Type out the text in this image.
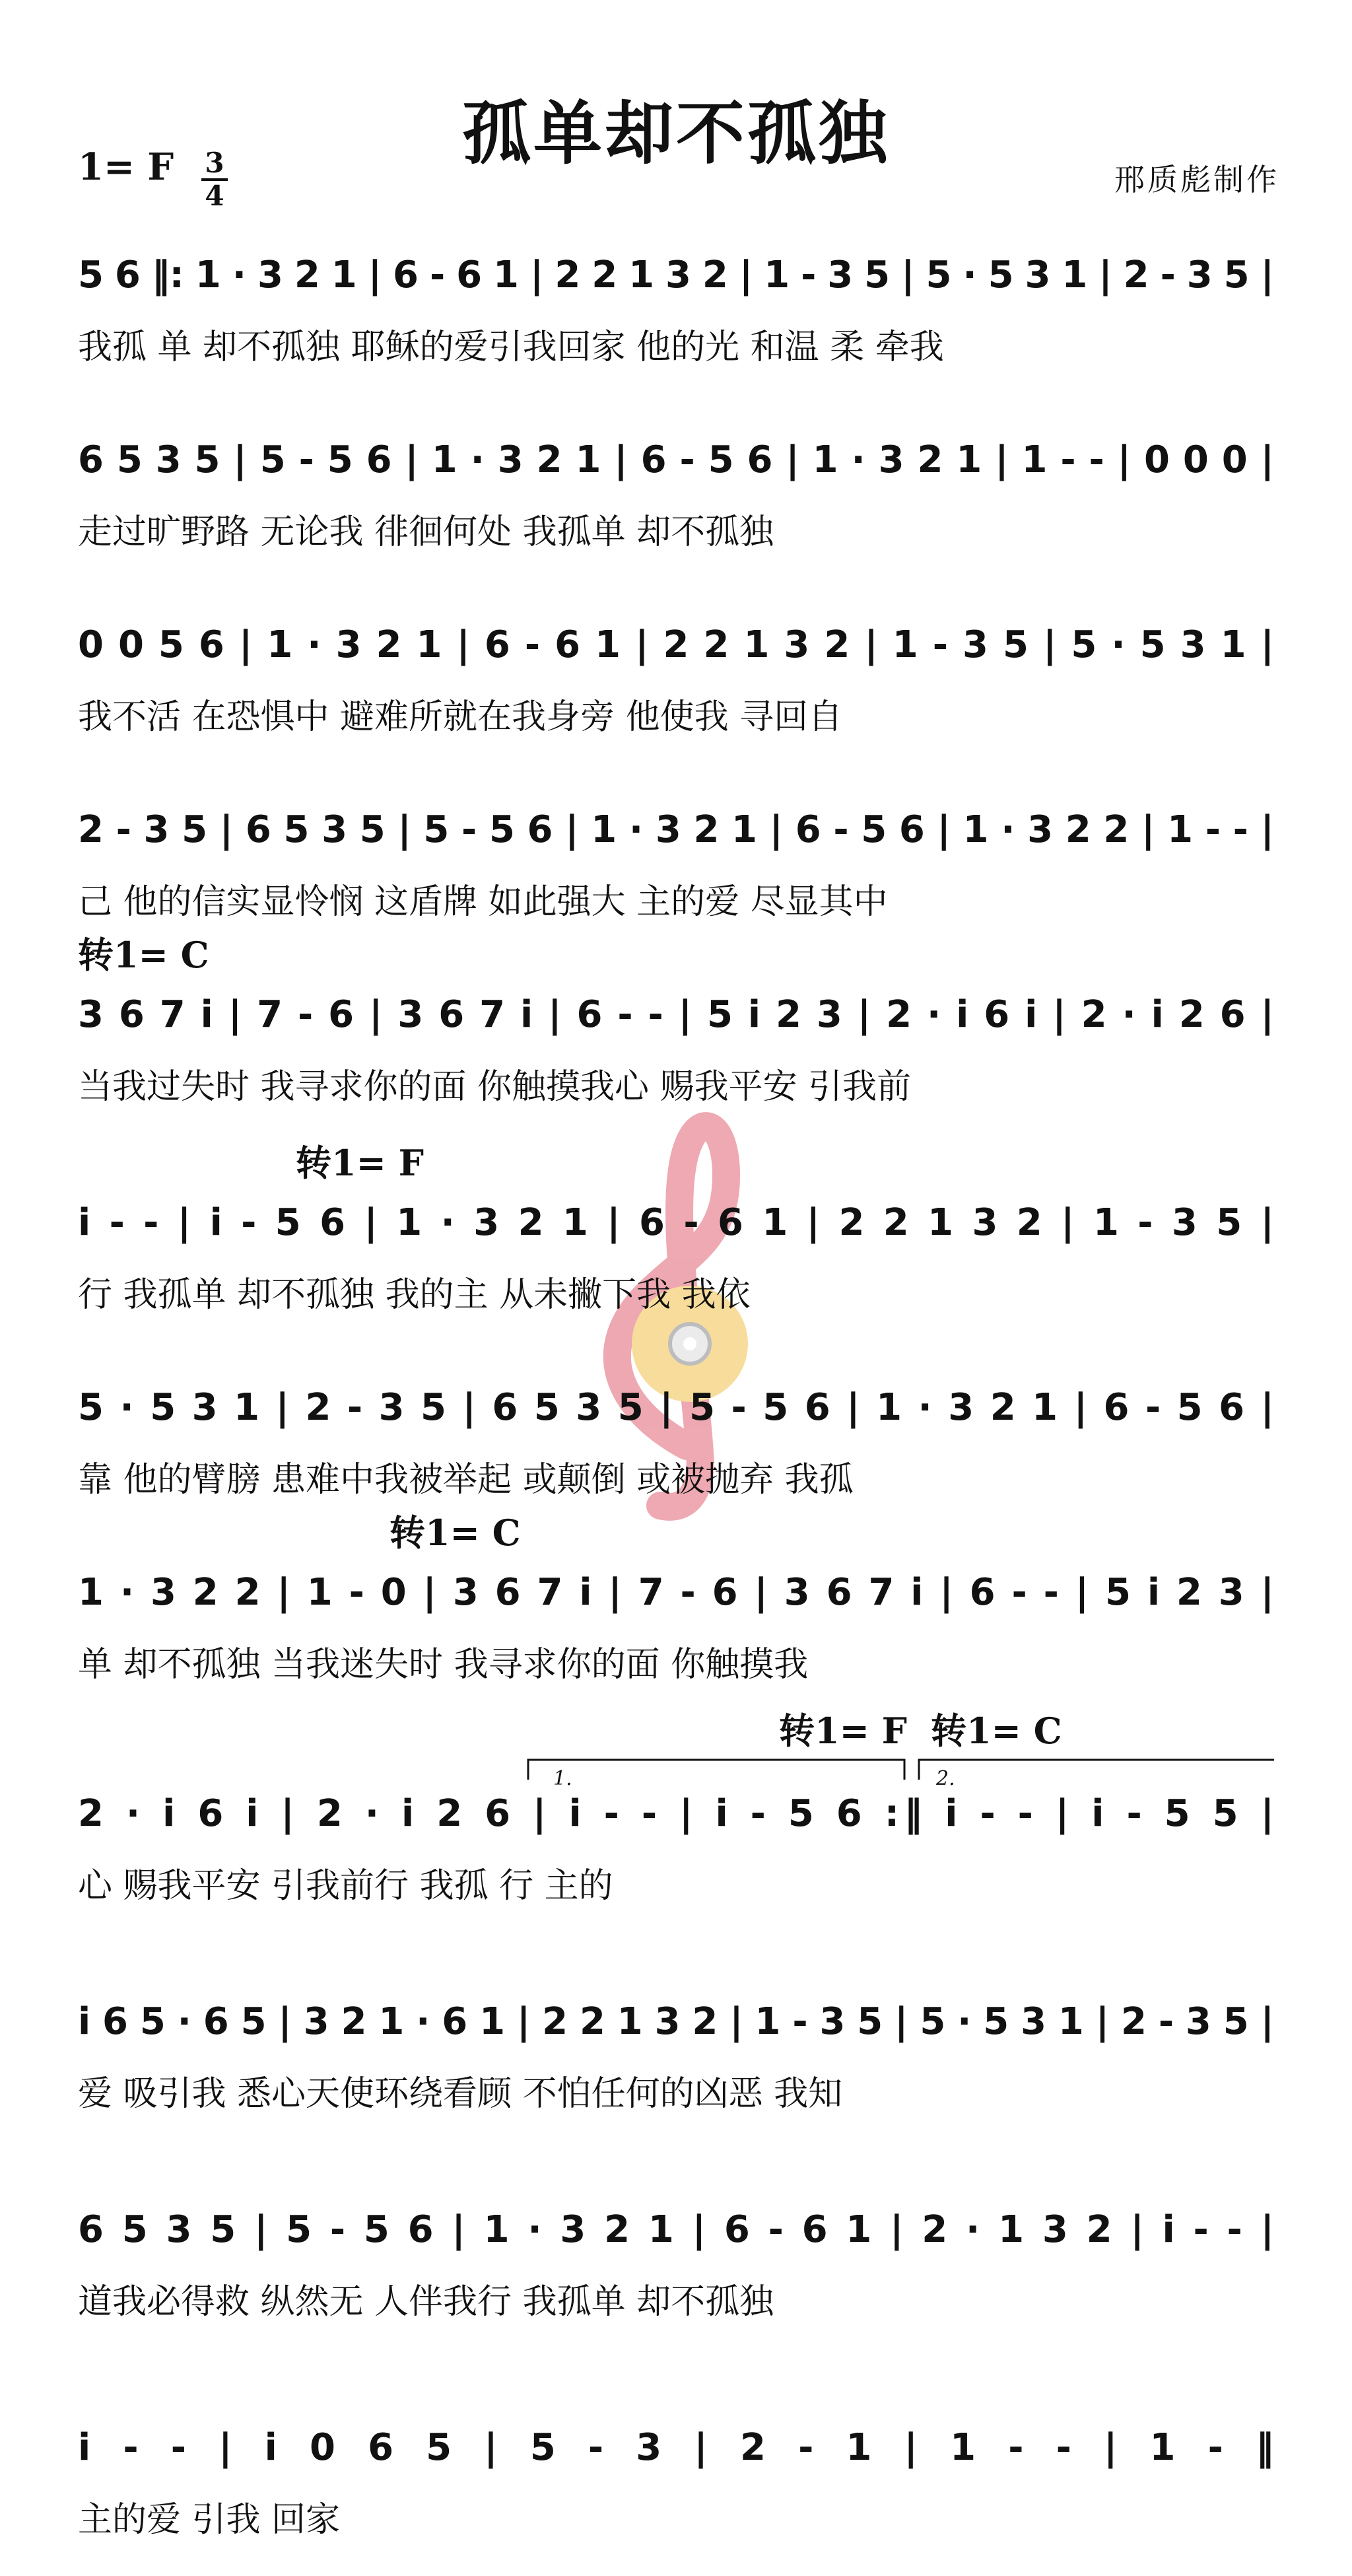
孤单却不孤独
1= F 3
4	邢质彪制作
5 6 ‖: 1 · 3 2 1 | 6 - 6 1 | 2 2 1 3 2 | 1 - 3 5 | 5 · 5 3 1 | 2 - 3 5 |
我孤 单 却不孤独 耶稣的爱引我回家 他的光 和温 柔 牵我
6 5 3 5 | 5 - 5 6 | 1 · 3 2 1 | 6 - 5 6 | 1 · 3 2 1 | 1 - - | 0 0 0 |
走过旷野路 无论我 徘徊何处 我孤单 却不孤独
0 0 5 6 | 1 · 3 2 1 | 6 - 6 1 | 2 2 1 3 2 | 1 - 3 5 | 5 · 5 3 1 |
我不活 在恐惧中 避难所就在我身旁 他使我 寻回自
2 - 3 5 | 6 5 3 5 | 5 - 5 6 | 1 · 3 2 1 | 6 - 5 6 | 1 · 3 2 2 | 1 - - |
己 他的信实显怜悯 这盾牌 如此强大 主的爱 尽显其中
3 6 7 i | 7 - 6 | 3 6 7 i | 6 - - | 5 i 2 3 | 2 · i 6 i | 2 · i 2 6 |
当我过失时 我寻求你的面 你触摸我心 赐我平安 引我前
转1= C
i - - | i - 5 6 | 1 · 3 2 1 | 6 - 6 1 | 2 2 1 3 2 | 1 - 3 5 |
行 我孤单 却不孤独 我的主 从未撇下我 我依
转1= F
5 · 5 3 1 | 2 - 3 5 | 6 5 3 5 | 5 - 5 6 | 1 · 3 2 1 | 6 - 5 6 |
靠 他的臂膀 患难中我被举起 或颠倒 或被抛弃 我孤
1 · 3 2 2 | 1 - 0 | 3 6 7 i | 7 - 6 | 3 6 7 i | 6 - - | 5 i 2 3 |
单 却不孤独 当我迷失时 我寻求你的面 你触摸我
转1= C
2 · i 6 i | 2 · i 2 6 | i - - | i - 5 6 :‖ i - - | i - 5 5 |
心 赐我平安 引我前行 我孤 行 主的
1.	2.
转1= F 转1= C
i 6 5 · 6 5 | 3 2 1 · 6 1 | 2 2 1 3 2 | 1 - 3 5 | 5 · 5 3 1 | 2 - 3 5 |
爱 吸引我 悉心天使环绕看顾 不怕任何的凶恶 我知
6 5 3 5 | 5 - 5 6 | 1 · 3 2 1 | 6 - 6 1 | 2 · 1 3 2 | i - - |
道我必得救 纵然无 人伴我行 我孤单 却不孤独
i - - | i 0 6 5 | 5 - 3 | 2 - 1 | 1 - - | 1 - ‖
主的爱 引我 回家
